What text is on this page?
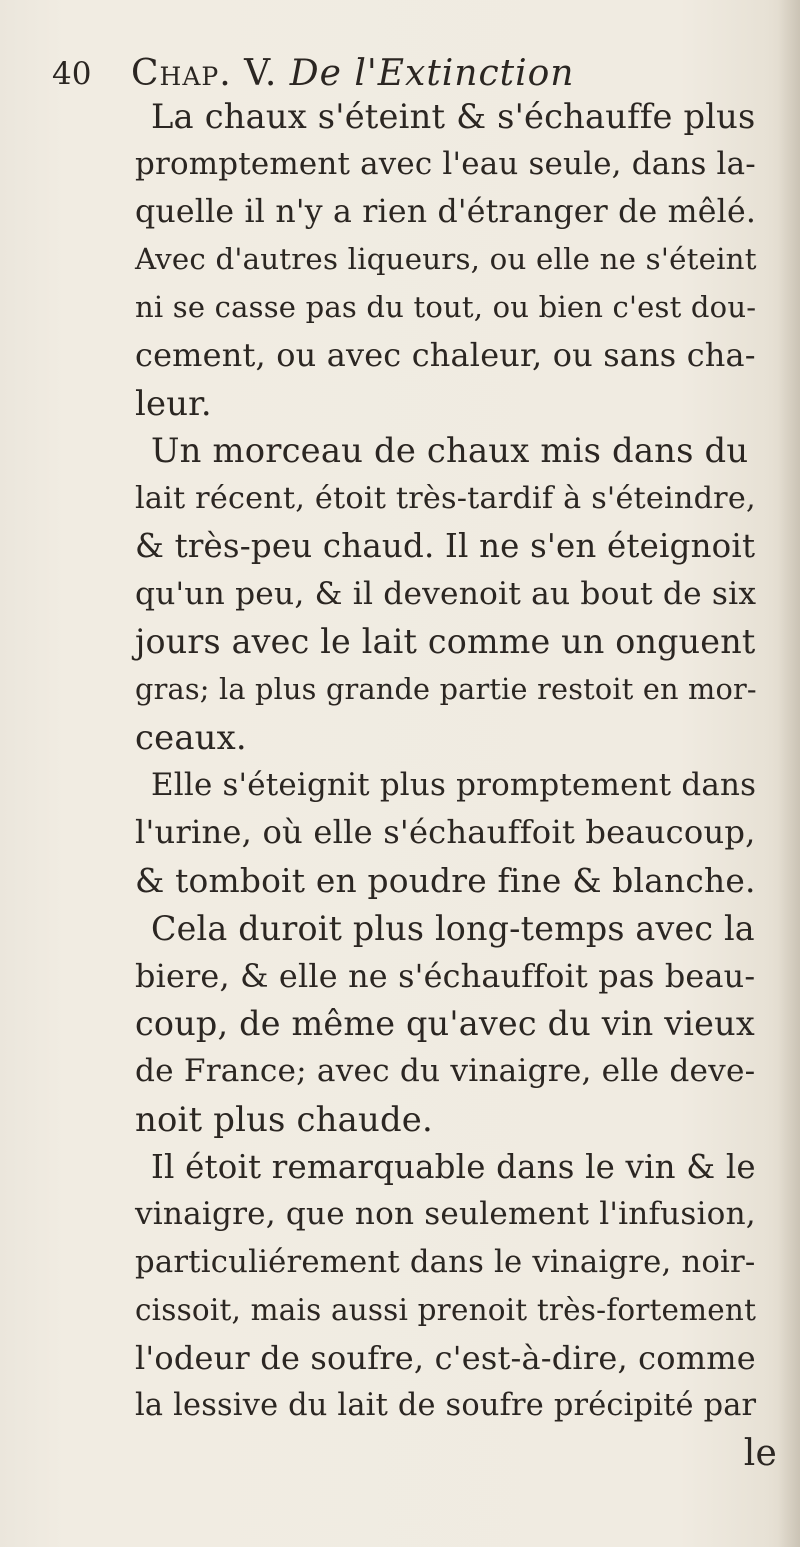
40 Chap. V. De l'Extinction
La chaux s'éteint & s'échauffe plus
promptement avec l'eau seule, dans la-
quelle il n'y a rien d'étranger de mêlé.
Avec d'autres liqueurs, ou elle ne s'éteint
ni se casse pas du tout, ou bien c'est dou-
cement, ou avec chaleur, ou sans cha-
leur.
Un morceau de chaux mis dans du
lait récent, étoit très-tardif à s'éteindre,
& très-peu chaud. Il ne s'en éteignoit
qu'un peu, & il devenoit au bout de six
jours avec le lait comme un onguent
gras; la plus grande partie restoit en mor-
ceaux.
Elle s'éteignit plus promptement dans
l'urine, où elle s'échauffoit beaucoup,
& tomboit en poudre fine & blanche.
Cela duroit plus long-temps avec la
biere, & elle ne s'échauffoit pas beau-
coup, de même qu'avec du vin vieux
de France; avec du vinaigre, elle deve-
noit plus chaude.
Il étoit remarquable dans le vin & le
vinaigre, que non seulement l'infusion,
particuliérement dans le vinaigre, noir-
cissoit, mais aussi prenoit très-fortement
l'odeur de soufre, c'est-à-dire, comme
la lessive du lait de soufre précipité par
le
